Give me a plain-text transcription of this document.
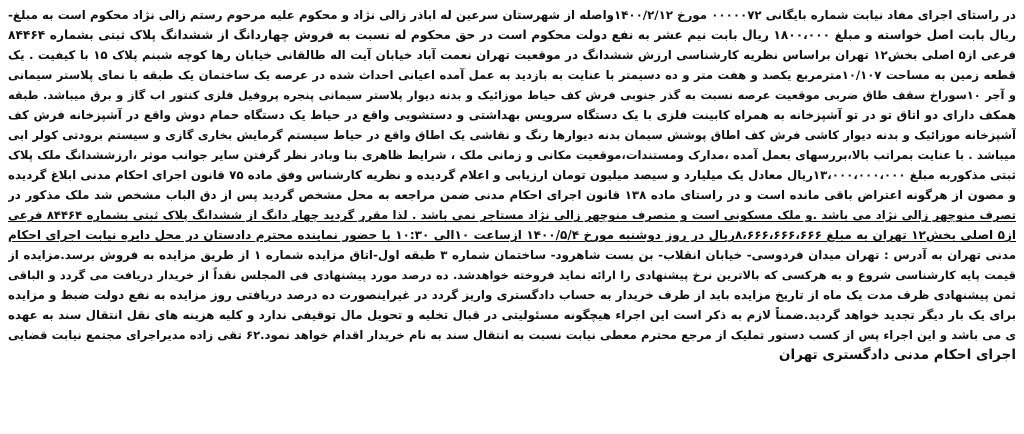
در راستای اجرای مفاد نیابت شماره بایگانی ۰۰۰۰۰۷۲ مورخ ۱۴۰۰/۲/۱۲واصله از شهرستان سرعین له اباذر زالی نژاد و محکوم علیه مرحوم رستم زالی نژاد محکوم است به مبلغ-
ریال بابت اصل خواسته و مبلغ ۱۸۰۰،۰۰۰ ریال بابت نیم عشر به نفع دولت محکوم است در حق محکوم له نسبت به فروش چهاردانگ از ششدانگ پلاک ثبتی بشماره ۸۴۴۶۴
فرعی از۵ اصلی بخش۱۲ تهران براساس نظریه کارشناسی ارزش ششدانگ در موقعیت تهران نعمت آباد خیابان آیت اله طالقانی خیابان رها کوچه شبنم پلاک ۱۵ با کیفیت . یک
قطعه زمین به مساحت ۱۰/۱۰۷مترمربع یکصد و هفت متر و ده دسیمتر با عنایت به بازدید به عمل آمده اعیانی احداث شده در عرصه یک ساختمان یک طبقه با نمای پلاستر سیمانی
و آجر ۱۰سوراخ سقف طاق ضربی موقعیت عرصه نسبت به گذر جنوبی فرش کف حیاط موزائیک و بدنه دیوار پلاستر سیمانی پنجره پروفیل فلزی کنتور اب گاز و برق میباشد. طبقه
همکف دارای دو اتاق تو در تو آشپزخانه به همراه کابینت فلزی با یک دستگاه سرویس بهداشتی و دستشویی واقع در حیاط یک دستگاه حمام دوش واقع در آشپزخانه فرش کف
آشپزخانه موزائیک و بدنه دیوار کاشی فرش کف اطاق پوشش سیمان بدنه دیوارها رنگ و نقاشی یک اطاق واقع در حیاط سیستم گرمایش بخاری گازی و سیستم برودتی کولر ابی
میباشد . با عنایت بمراتب بالا،بررسهای بعمل آمده ،مدارک ومستندات،موقعیت مکانی و زمانی ملک ، شرایط ظاهری بنا وبادر نظر گرفتن سایر جوانب موثر ،ارزششدانگ ملک پلاک
ثبتی مذکوربه مبلغ ۱۳،۰۰۰،۰۰۰،۰۰۰ریال معادل یک میلیارد و سیصد میلیون تومان ارزیابی و اعلام گردیده و نظریه کارشناس وفق ماده ۷۵ قانون اجرای احکام مدنی ابلاغ گردیده
و مصون از هرگونه اعتراض باقی مانده است و در راستای ماده ۱۳۸ قانون اجرای احکام مدنی ضمن مراجعه به محل مشخص گردید پس از دق الباب مشخص شد ملک مذکور در
تصرف منوچهر زالی نژاد می باشد .و ملک مسکونی است و متصرف منوچهر زالی نژاد مستاجر نمی باشد . لذا مقرر گردید چهار دانگ از ششدانگ پلاک ثبتی بشماره ۸۴۴۶۴ فرعی
از۵ اصلی بخش۱۲ تهران به مبلغ ۸،۶۶۶،۶۶۶،۶۶۶ریال در روز دوشنبه مورخ ۱۴۰۰/۵/۴ ازساعت ۱۰الی ۱۰:۳۰ با حضور نماینده محترم دادستان در محل دایره نیابت اجرای احکام
مدنی تهران به آدرس : تهران میدان فردوسی- خیابان انقلاب- بن بست شاهرود- ساختمان شماره ۳ طبقه اول-اتاق مزایده شماره ۱ از طریق مزایده به فروش برسد.مزایده از
قیمت پایه کارشناسی شروع و به هرکسی که بالاترین نرخ پیشنهادی را ارائه نماید فروخته خواهدشد. ده درصد مورد پیشنهادی فی المجلس نقداً از خریدار دریافت می گردد و الباقی
ثمن پیشنهادی ظرف مدت یک ماه از تاریخ مزایده باید از طرف خریدار به حساب دادگستری واریز گردد در غیراینصورت ده درصد دریافتی روز مزایده به نفع دولت ضبط و مزایده
برای یک بار دیگر تجدید خواهد گردید.ضمناً لازم به ذکر است این اجراء هیچگونه مسئولیتی در قبال تخلیه و تحویل مال توقیفی ندارد و کلیه هزینه های نقل انتقال سند به عهده
ی می باشد و این اجراء پس از کسب دستور تملیک از مرجع محترم معطی نیابت نسبت به انتقال سند به نام خریدار اقدام خواهد نمود.۶۲ تقی زاده مدیراجرای مجتمع نیابت قضایی
اجرای احکام مدنی دادگستری تهران
